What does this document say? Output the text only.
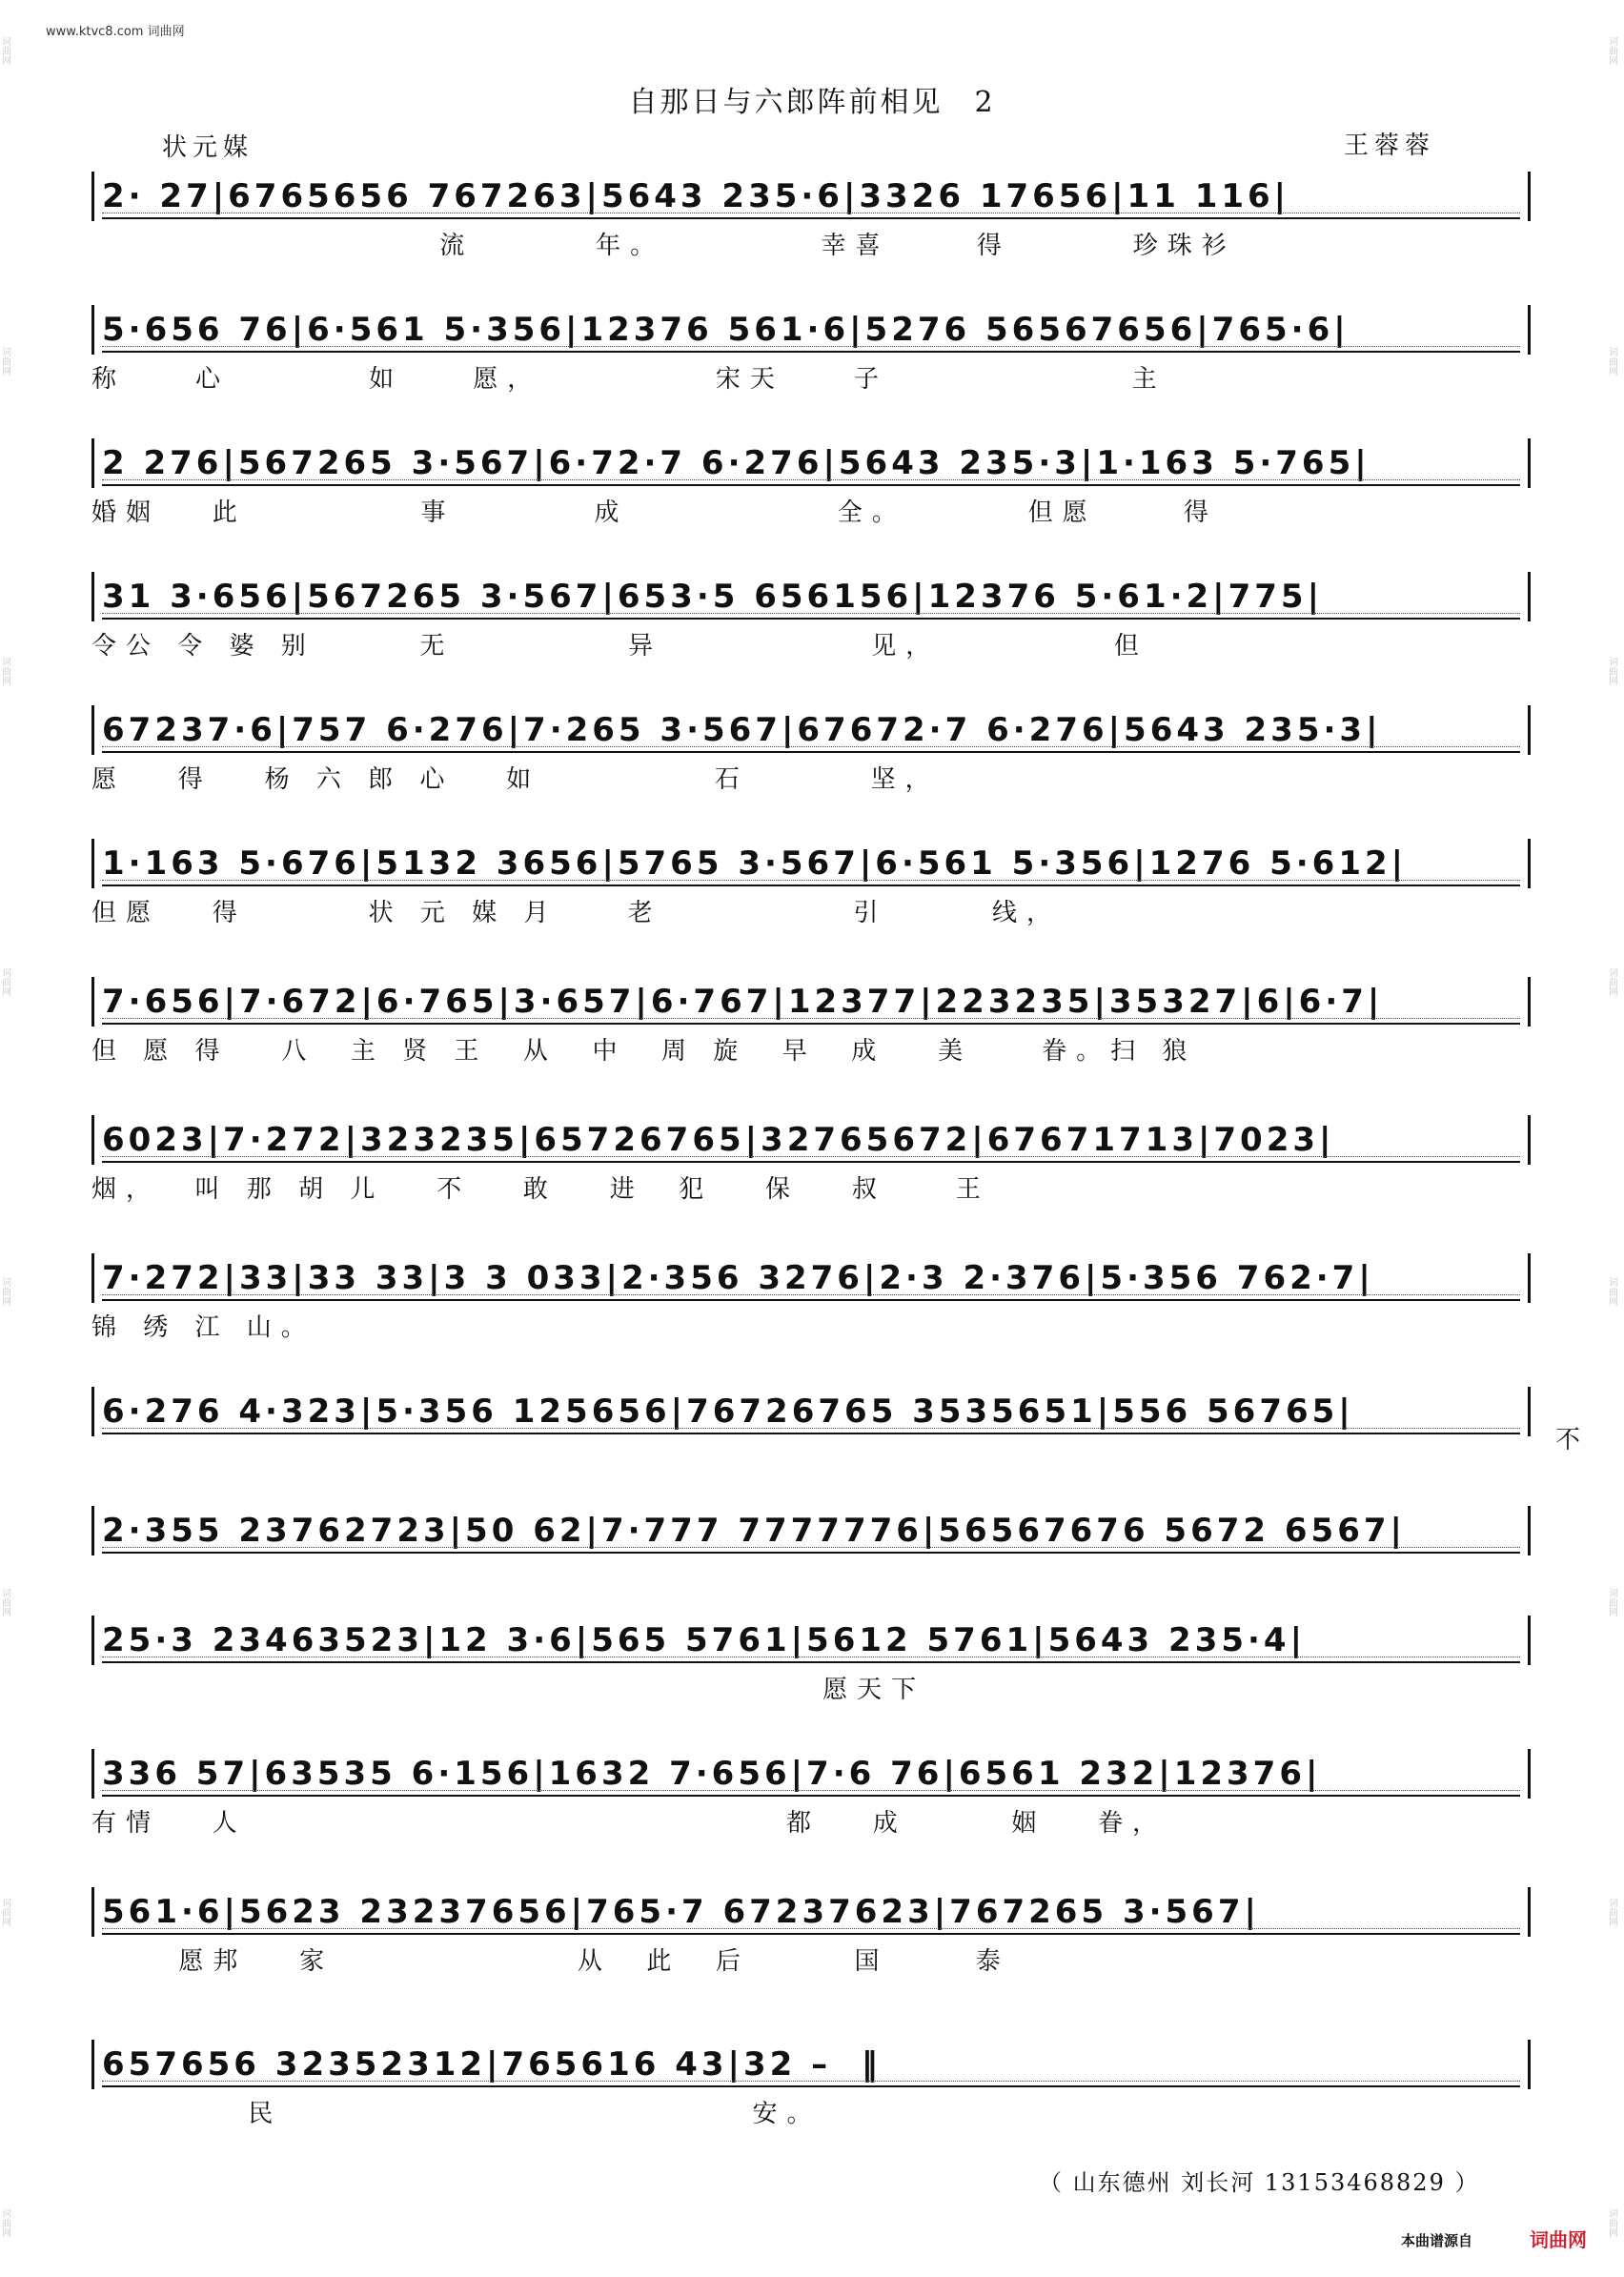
www.ktvc8.com 词曲网
词曲网
词曲网
词曲网
词曲网
词曲网
词曲网
词曲网
词曲网
词曲网
词曲网
词曲网
词曲网
词曲网
词曲网
词曲网
词曲网
自那日与六郎阵前相见　2
状元媒	王蓉蓉
2· 27|6765656 767263|5643 235·6|3326 17656|11 116|
流       年。         幸喜     得       珍珠衫
5·656 76|6·561 5·356|12376 561·6|5276 56567656|765·6|
称    心        如    愿，          宋天    子              主
2 276|567265 3·567|6·72·7 6·276|5643 235·3|1·163 5·765|
婚姻   此          事        成            全。       但愿     得
31 3·656|567265 3·567|653·5 656156|12376 5·61·2|775|
令公 令 婆 别      无          异            见，          但
67237·6|757 6·276|7·265 3·567|67672·7 6·276|5643 235·3|
愿   得   杨 六 郎 心   如          石       坚，
1·163 5·676|5132 3656|5765 3·567|6·561 5·356|1276 5·612|
但愿   得       状 元 媒 月    老           引      线，
7·656|7·672|6·765|3·657|6·767|12377|223235|35327|6|6·7|
但 愿 得   八  主 贤 王  从  中  周 旋  早  成   美    眷。扫 狼
6023|7·272|323235|65726765|32765672|67671713|7023|
烟，  叫 那 胡 儿   不   敢   进  犯   保   叔    王
7·272|33|33 33|3 3 033|2·356 3276|2·3 2·376|5·356 762·7|
锦 绣 江 山。
6·276 4·323|5·356 125656|76726765 3535651|556 56765|
2·355 23762723|50 62|7·777 7777776|56567676 5672 6567|
25·3 23463523|12 3·6|565 5761|5612 5761|5643 235·4|
愿天下
336 57|63535 6·156|1632 7·656|7·6 76|6561 232|12376|
有情   人                               都   成      姻   眷，
561·6|5623 23237656|765·7 67237623|767265 3·567|
愿邦   家              从  此  后      国     泰
657656 32352312|765616 43|32 –  ‖
民                           安。
不
（ 山东德州 刘长河 13153468829 ）
本曲谱源自	词曲网
